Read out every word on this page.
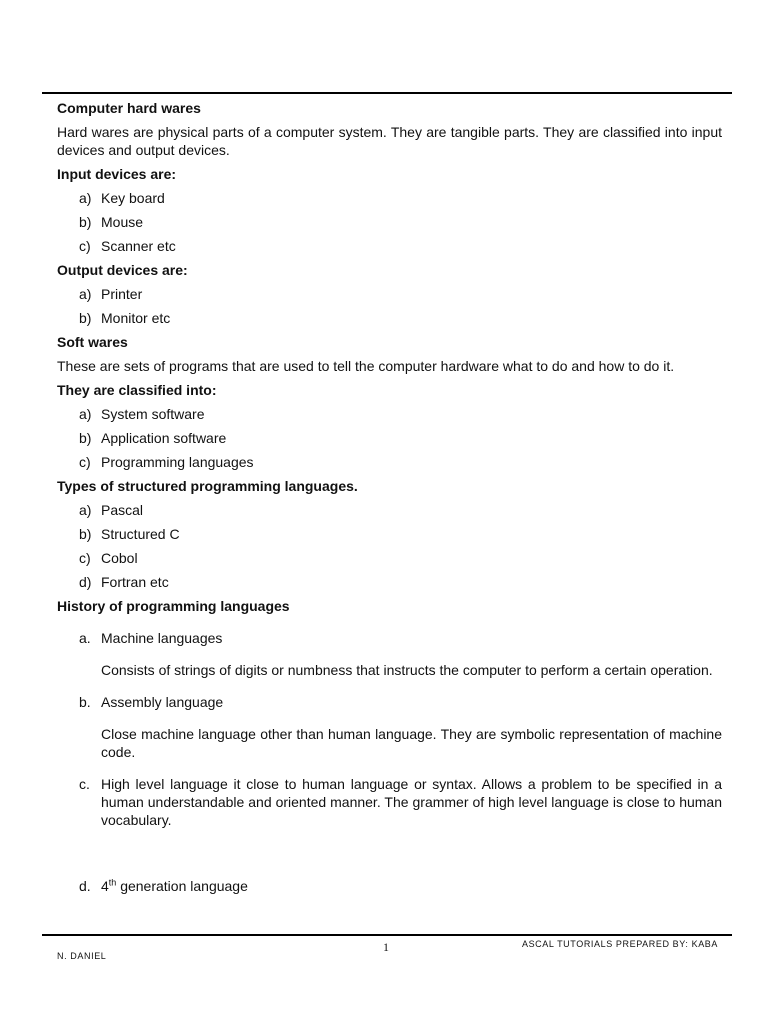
Computer hard wares
Hard wares are physical parts of a computer system. They are tangible parts. They are classified into input devices and output devices.
Input devices are:
a) Key board
b) Mouse
c) Scanner etc
Output devices are:
a) Printer
b) Monitor etc
Soft wares
These are sets of programs that are used to tell the computer hardware what to do and how to do it.
They are classified into:
a) System software
b) Application software
c) Programming languages
Types of structured programming languages.
a) Pascal
b) Structured C
c) Cobol
d) Fortran etc
History of programming languages
a. Machine languages
Consists of strings of digits or numbness that instructs the computer to perform a certain operation.
b. Assembly language
Close machine language other than human language. They are symbolic representation of machine code.
c. High level language it close to human language or syntax. Allows a problem to be specified in a human understandable and oriented manner. The grammer of high level language is close to human vocabulary.
d. 4th generation language
1	ASCAL TUTORIALS PREPARED BY: KABA
N. DANIEL
